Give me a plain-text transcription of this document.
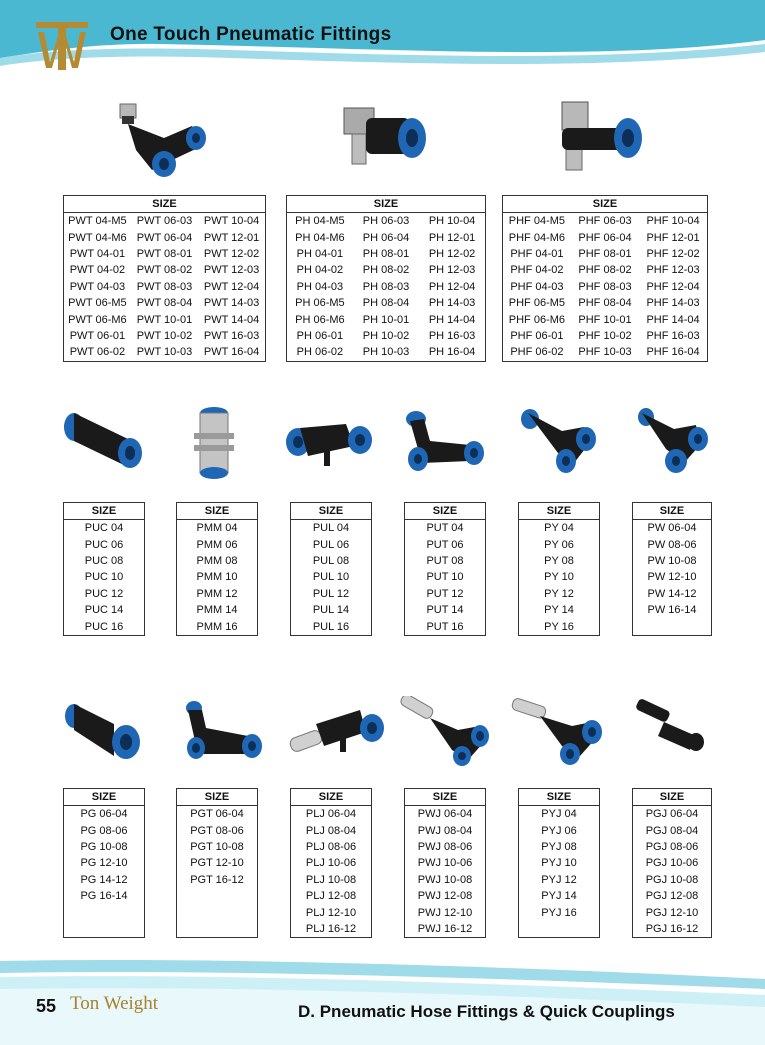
One Touch Pneumatic Fittings
SIZE		
PWT 04-M5	PWT 06-03	PWT 10-04
PWT 04-M6	PWT 06-04	PWT 12-01
PWT 04-01	PWT 08-01	PWT 12-02
PWT 04-02	PWT 08-02	PWT 12-03
PWT 04-03	PWT 08-03	PWT 12-04
PWT 06-M5	PWT 08-04	PWT 14-03
PWT 06-M6	PWT 10-01	PWT 14-04
PWT 06-01	PWT 10-02	PWT 16-03
PWT 06-02	PWT 10-03	PWT 16-04
SIZE		
PH 04-M5	PH 06-03	PH 10-04
PH 04-M6	PH 06-04	PH 12-01
PH 04-01	PH 08-01	PH 12-02
PH 04-02	PH 08-02	PH 12-03
PH 04-03	PH 08-03	PH 12-04
PH 06-M5	PH 08-04	PH 14-03
PH 06-M6	PH 10-01	PH 14-04
PH 06-01	PH 10-02	PH 16-03
PH 06-02	PH 10-03	PH 16-04
SIZE		
PHF 04-M5	PHF 06-03	PHF 10-04
PHF 04-M6	PHF 06-04	PHF 12-01
PHF 04-01	PHF 08-01	PHF 12-02
PHF 04-02	PHF 08-02	PHF 12-03
PHF 04-03	PHF 08-03	PHF 12-04
PHF 06-M5	PHF 08-04	PHF 14-03
PHF 06-M6	PHF 10-01	PHF 14-04
PHF 06-01	PHF 10-02	PHF 16-03
PHF 06-02	PHF 10-03	PHF 16-04
SIZE
PUC 04
PUC 06
PUC 08
PUC 10
PUC 12
PUC 14
PUC 16
SIZE
PMM 04
PMM 06
PMM 08
PMM 10
PMM 12
PMM 14
PMM 16
SIZE
PUL 04
PUL 06
PUL 08
PUL 10
PUL 12
PUL 14
PUL 16
SIZE
PUT 04
PUT 06
PUT 08
PUT 10
PUT 12
PUT 14
PUT 16
SIZE
PY 04
PY 06
PY 08
PY 10
PY 12
PY 14
PY 16
SIZE
PW 06-04
PW 08-06
PW 10-08
PW 12-10
PW 14-12
PW 16-14

SIZE
PG 06-04
PG 08-06
PG 10-08
PG 12-10
PG 14-12
PG 16-14

SIZE
PGT 06-04
PGT 08-06
PGT 10-08
PGT 12-10
PGT 16-12

SIZE
PLJ 06-04
PLJ 08-04
PLJ 08-06
PLJ 10-06
PLJ 10-08
PLJ 12-08
PLJ 12-10
PLJ 16-12
SIZE
PWJ 06-04
PWJ 08-04
PWJ 08-06
PWJ 10-06
PWJ 10-08
PWJ 12-08
PWJ 12-10
PWJ 16-12
SIZE
PYJ 04
PYJ 06
PYJ 08
PYJ 10
PYJ 12
PYJ 14
PYJ 16

SIZE
PGJ 06-04
PGJ 08-04
PGJ 08-06
PGJ 10-06
PGJ 10-08
PGJ 12-08
PGJ 12-10
PGJ 16-12
55 Ton Weight	D. Pneumatic Hose Fittings & Quick Couplings
